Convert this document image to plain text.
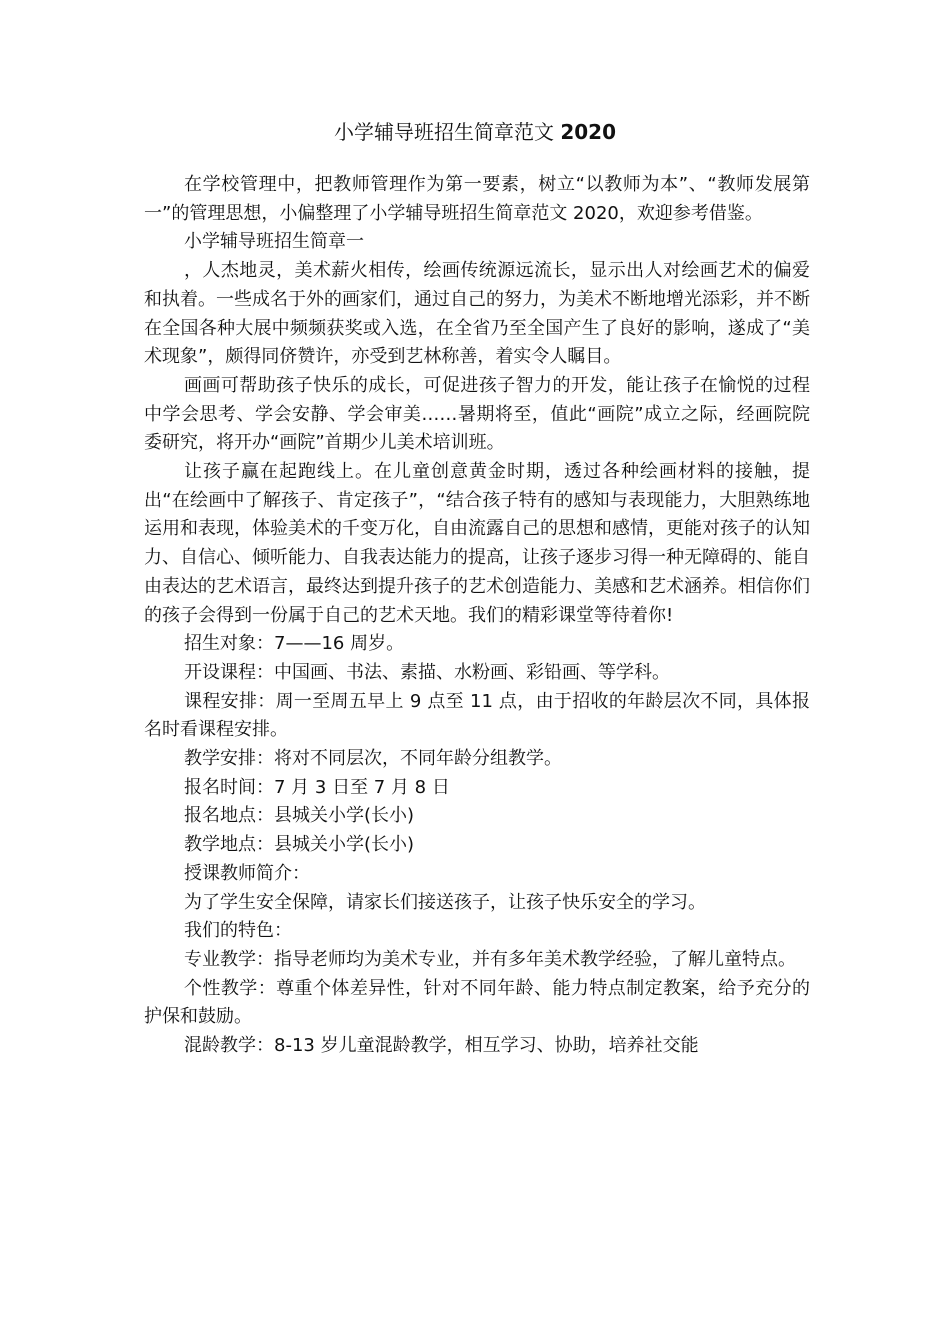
小学辅导班招生简章范文 2020

在学校管理中，把教师管理作为第一要素，树立“以教师为本”、“教师发展第一”的管理思想，小偏整理了小学辅导班招生简章范文 2020，欢迎参考借鉴。

小学辅导班招生简章一

，人杰地灵，美术薪火相传，绘画传统源远流长，显示出人对绘画艺术的偏爱和执着。一些成名于外的画家们，通过自己的努力，为美术不断地增光添彩，并不断在全国各种大展中频频获奖或入选，在全省乃至全国产生了良好的影响，遂成了“美术现象”，颇得同侪赞许，亦受到艺林称善，着实令人瞩目。

画画可帮助孩子快乐的成长，可促进孩子智力的开发，能让孩子在愉悦的过程中学会思考、学会安静、学会审美……暑期将至，值此“画院”成立之际，经画院院委研究，将开办“画院”首期少儿美术培训班。

让孩子赢在起跑线上。在儿童创意黄金时期，透过各种绘画材料的接触，提出“在绘画中了解孩子、肯定孩子”，“结合孩子特有的感知与表现能力，大胆熟练地运用和表现，体验美术的千变万化，自由流露自己的思想和感情，更能对孩子的认知力、自信心、倾听能力、自我表达能力的提高，让孩子逐步习得一种无障碍的、能自由表达的艺术语言，最终达到提升孩子的艺术创造能力、美感和艺术涵养。相信你们的孩子会得到一份属于自己的艺术天地。我们的精彩课堂等待着你!

招生对象：7——16 周岁。

开设课程：中国画、书法、素描、水粉画、彩铅画、等学科。

课程安排：周一至周五早上 9 点至 11 点，由于招收的年龄层次不同，具体报名时看课程安排。

教学安排：将对不同层次，不同年龄分组教学。

报名时间：7 月 3 日至 7 月 8 日

报名地点：县城关小学(长小)

教学地点：县城关小学(长小)

授课教师简介：

为了学生安全保障，请家长们接送孩子，让孩子快乐安全的学习。

我们的特色：

专业教学：指导老师均为美术专业，并有多年美术教学经验，了解儿童特点。

个性教学：尊重个体差异性，针对不同年龄、能力特点制定教案，给予充分的护保和鼓励。

混龄教学：8-13 岁儿童混龄教学，相互学习、协助，培养社交能
